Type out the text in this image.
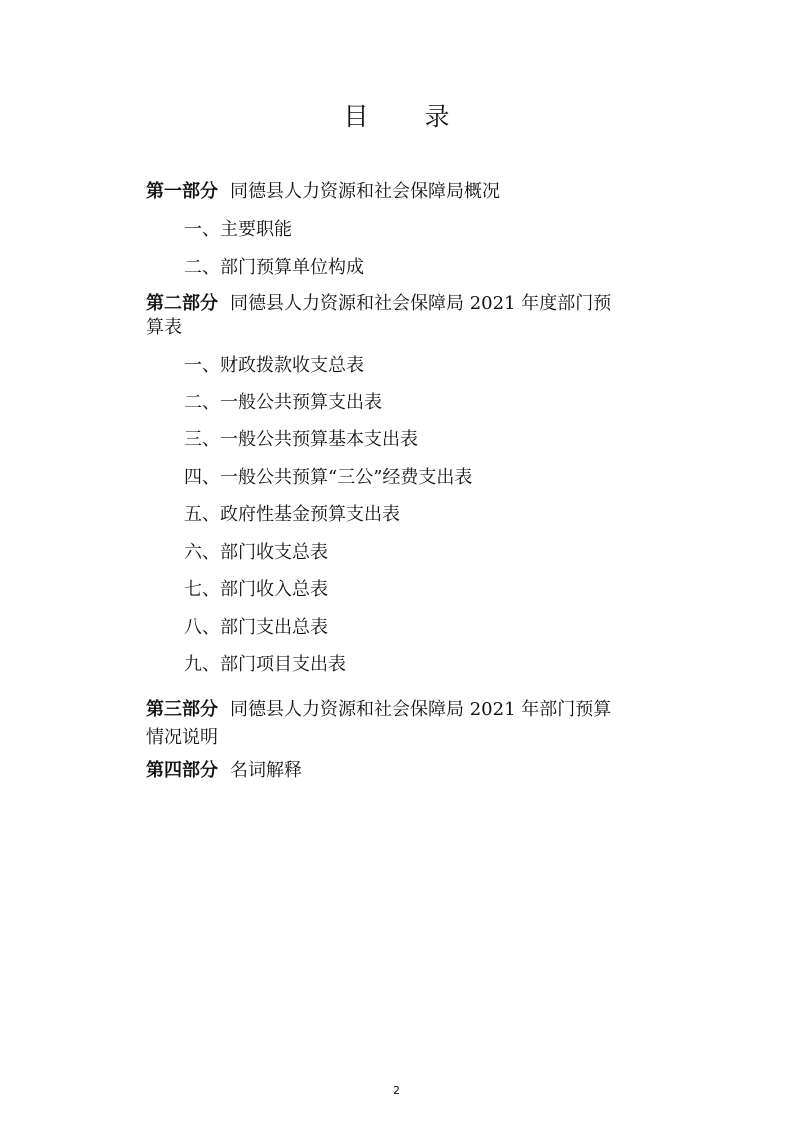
目 录
第一部分 同德县人力资源和社会保障局概况
一、主要职能
二、部门预算单位构成
第二部分 同德县人力资源和社会保障局 2021 年度部门预
算表
一、财政拨款收支总表
二、一般公共预算支出表
三、一般公共预算基本支出表
四、一般公共预算“三公”经费支出表
五、政府性基金预算支出表
六、部门收支总表
七、部门收入总表
八、部门支出总表
九、部门项目支出表
第三部分 同德县人力资源和社会保障局 2021 年部门预算
情况说明
第四部分 名词解释
2
